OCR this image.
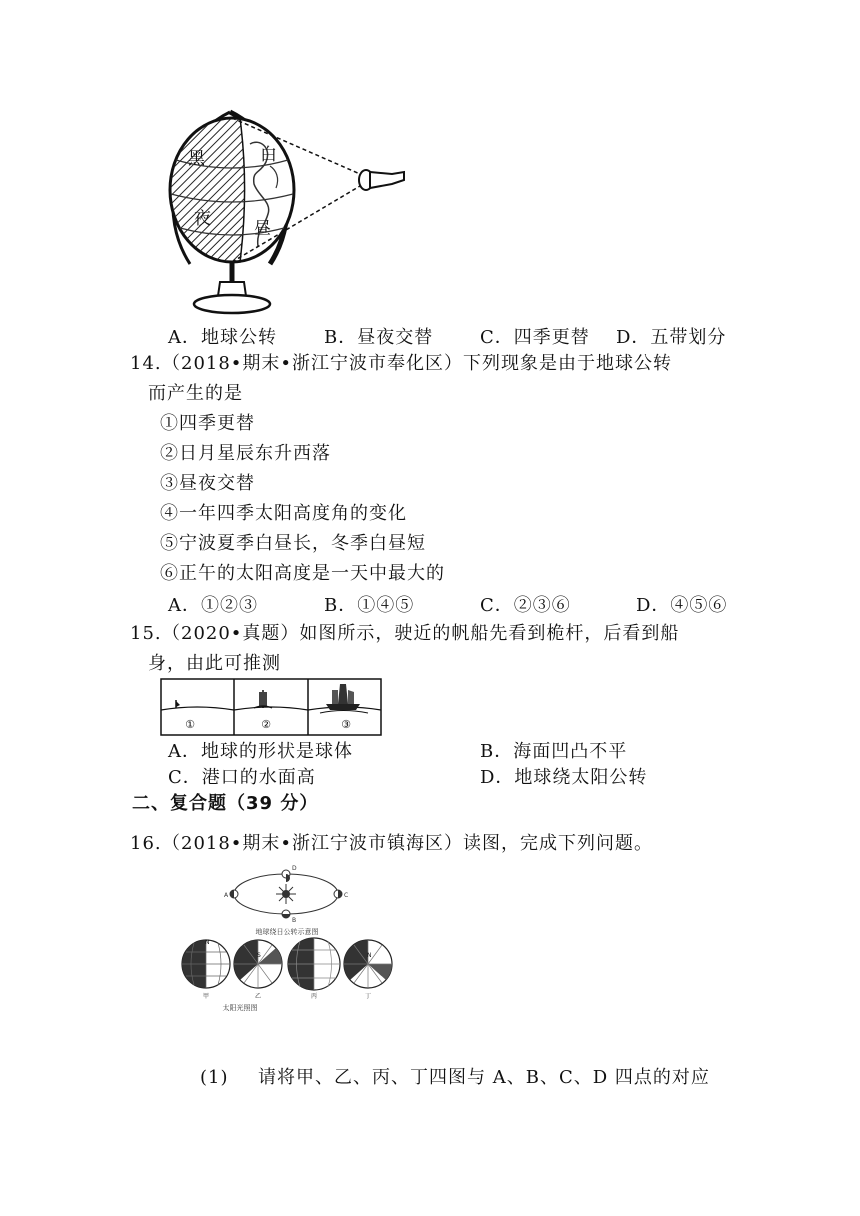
黑
夜
白
昼
A．地球公转	B．昼夜交替	C．四季更替 D．五带划分
14. （2018•期末•浙江宁波市奉化区）下列现象是由于地球公转
而产生的是
①四季更替
②日月星辰东升西落
③昼夜交替
④一年四季太阳高度角的变化
⑤宁波夏季白昼长，冬季白昼短
⑥正午的太阳高度是一天中最大的
A．①②③	B．①④⑤	C．②③⑥	D．④⑤⑥
15. （2020•真题）如图所示，驶近的帆船先看到桅杆，后看到船
身，由此可推测
①	②	③
A．地球的形状是球体	B．海面凹凸不平
C．港口的水面高	D．地球绕太阳公转
二、复合题（39 分）
16. （2018•期末•浙江宁波市镇海区）读图，完成下列问题。
D
C
B
A
地球绕日公转示意图
S	N
N
甲	乙	丙	丁
太阳光照图
(1) 请将甲、乙、丙、丁四图与 A、B、C、D 四点的对应
